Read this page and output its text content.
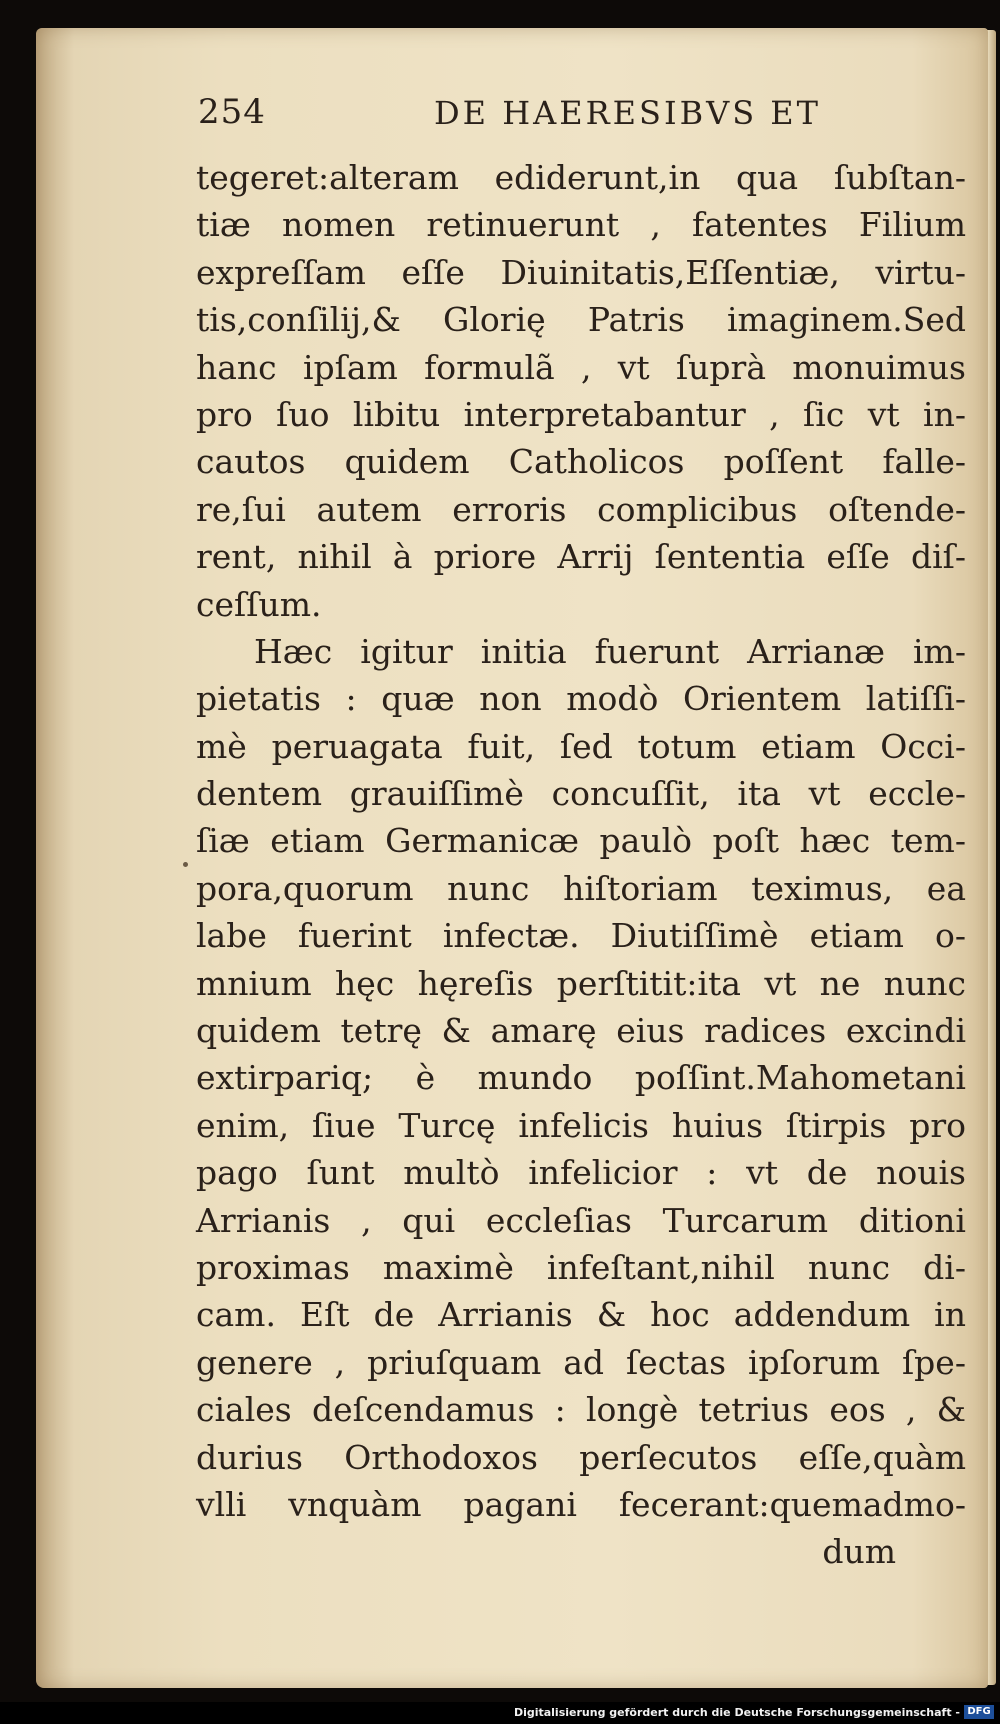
254	DE HAERESIBVS ET
tegeret:alteram ediderunt,in qua ſubſtan-
tiæ nomen retinuerunt , fatentes Filium
expreſſam eſſe Diuinitatis,Eſſentiæ, virtu-
tis,conſilij,& Glorię Patris imaginem.Sed
hanc ipſam formulã , vt ſuprà monuimus
pro ſuo libitu interpretabantur , ſic vt in-
cautos quidem Catholicos poſſent falle-
re,ſui autem erroris complicibus oſtende-
rent, nihil à priore Arrij ſententia eſſe diſ-
ceſſum.
Hæc igitur initia fuerunt Arrianæ im-
pietatis : quæ non modò Orientem latiſſi-
mè peruagata fuit, ſed totum etiam Occi-
dentem grauiſſimè concuſſit, ita vt eccle-
ſiæ etiam Germanicæ paulò poſt hæc tem-
pora,quorum nunc hiſtoriam teximus, ea
labe fuerint infectæ. Diutiſſimè etiam o-
mnium hęc hęreſis perſtitit:ita vt ne nunc
quidem tetrę & amarę eius radices excindi
extirpariq; è mundo poſſint.Mahometani
enim, ſiue Turcę infelicis huius ſtirpis pro
pago ſunt multò infelicior : vt de nouis
Arrianis , qui eccleſias Turcarum ditioni
proximas maximè infeſtant,nihil nunc di-
cam. Eſt de Arrianis & hoc addendum in
genere , priuſquam ad ſectas ipſorum ſpe-
ciales deſcendamus : longè tetrius eos , &
durius Orthodoxos perſecutos eſſe,quàm
vlli vnquàm pagani fecerant:quemadmo-
dum
Digitalisierung gefördert durch die Deutsche Forschungsgemeinschaft - DFG
